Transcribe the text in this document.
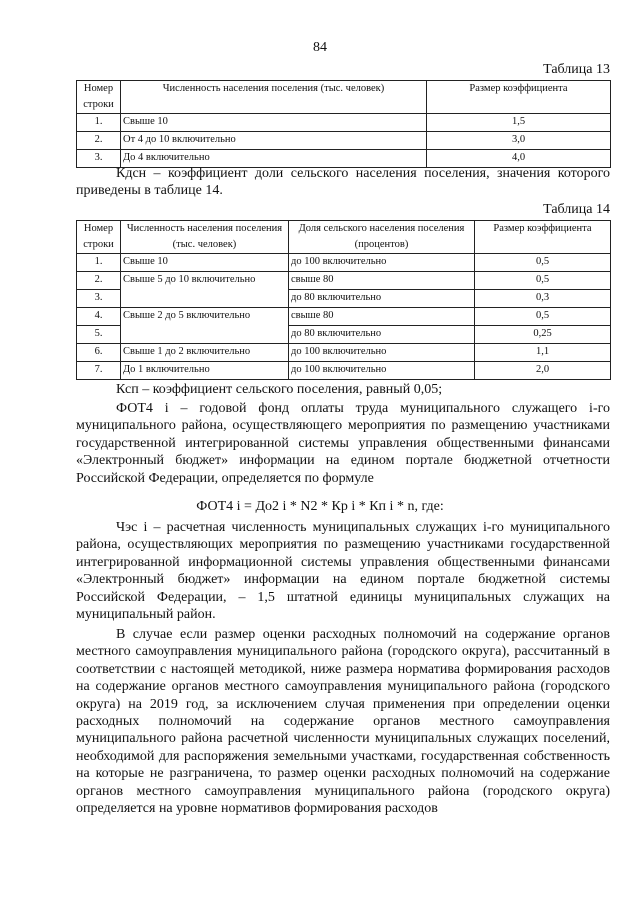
84
Таблица 13
Номер строки	Численность населения поселения (тыс. человек)	Размер коэффициента
1.	Свыше 10	1,5
2.	От 4 до 10 включительно	3,0
3.	До 4 включительно	4,0
Кдсн – коэффициент доли сельского населения поселения, значения которого приведены в таблице 14.
Таблица 14
Номер строки	Численность населения поселения (тыс. человек)	Доля сельского населения поселения (процентов)	Размер коэффициента
1.	Свыше 10	до 100 включительно	0,5
2.	Свыше 5 до 10 включительно	свыше 80	0,5
3.		до 80 включительно	0,3
4.	Свыше 2 до 5 включительно	свыше 80	0,5
5.		до 80 включительно	0,25
6.	Свыше 1 до 2 включительно	до 100 включительно	1,1
7.	До 1 включительно	до 100 включительно	2,0
Ксп – коэффициент сельского поселения, равный 0,05;
ФОТ4 i – годовой фонд оплаты труда муниципального служащего i-го муниципального района, осуществляющего мероприятия по размещению участниками государственной интегрированной системы управления общественными финансами «Электронный бюджет» информации на едином портале бюджетной отчетности Российской Федерации, определяется по формуле
ФОТ4 i = До2 i * N2 * Кр i * Кп i * n, где:
Чэс i – расчетная численность муниципальных служащих i-го муниципального района, осуществляющих мероприятия по размещению участниками государственной интегрированной информационной системы управления общественными финансами «Электронный бюджет» информации на едином портале бюджетной системы Российской Федерации, – 1,5 штатной единицы муниципальных служащих на муниципальный район.
В случае если размер оценки расходных полномочий на содержание органов местного самоуправления муниципального района (городского округа), рассчитанный в соответствии с настоящей методикой, ниже размера норматива формирования расходов на содержание органов местного самоуправления муниципального района (городского округа) на 2019 год, за исключением случая применения при определении оценки расходных полномочий на содержание органов местного самоуправления муниципального района расчетной численности муниципальных служащих поселений, необходимой для распоряжения земельными участками, государственная собственность на которые не разграничена, то размер оценки расходных полномочий на содержание органов местного самоуправления муниципального района (городского округа) определяется на уровне нормативов формирования расходов
